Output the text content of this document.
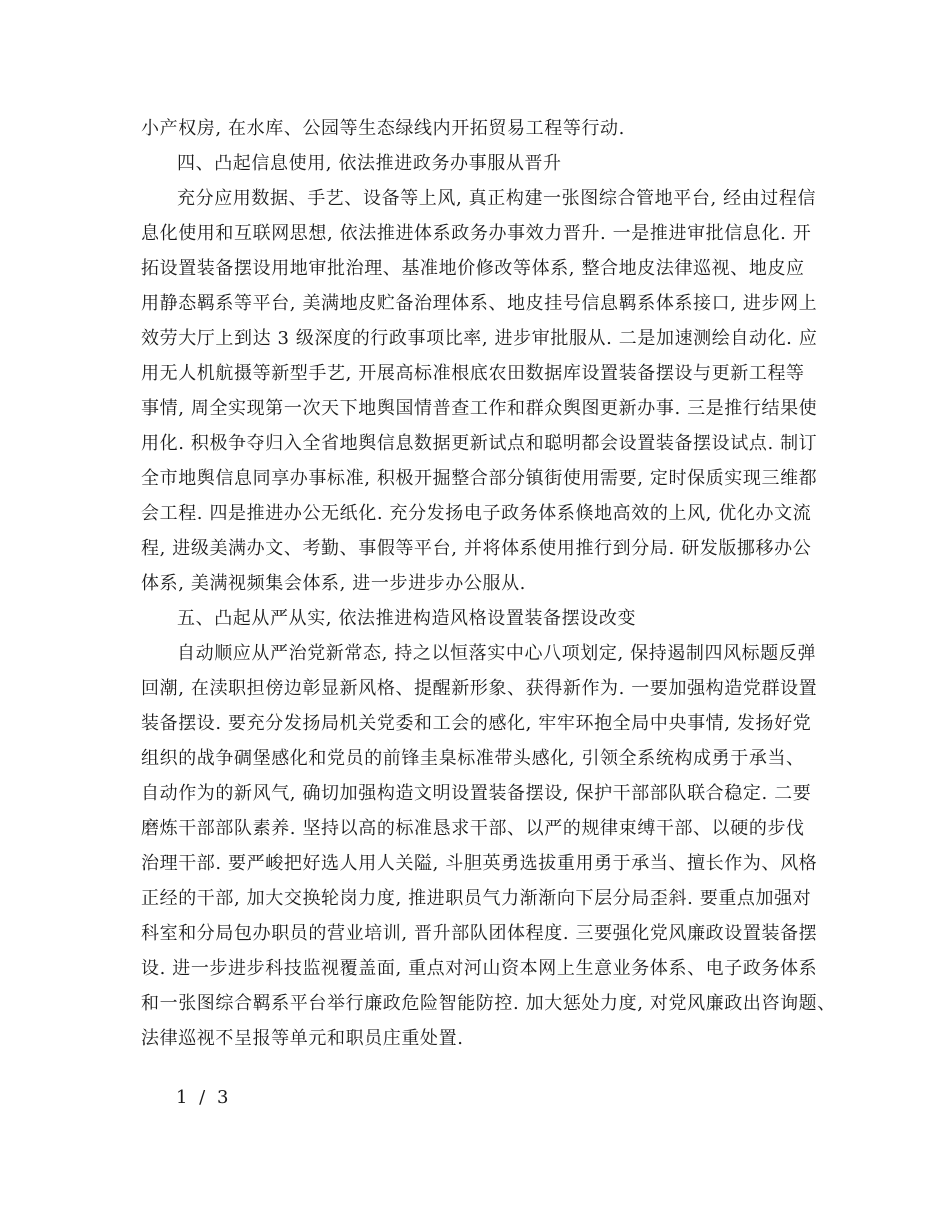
小产权房, 在水库、公园等生态绿线内开拓贸易工程等行动.
四、凸起信息使用, 依法推进政务办事服从晋升
充分应用数据、手艺、设备等上风, 真正构建一张图综合管地平台, 经由过程信
息化使用和互联网思想, 依法推进体系政务办事效力晋升. 一是推进审批信息化. 开
拓设置装备摆设用地审批治理、基准地价修改等体系, 整合地皮法律巡视、地皮应
用静态羁系等平台, 美满地皮贮备治理体系、地皮挂号信息羁系体系接口, 进步网上
效劳大厅上到达 3 级深度的行政事项比率, 进步审批服从. 二是加速测绘自动化. 应
用无人机航摄等新型手艺, 开展高标准根底农田数据库设置装备摆设与更新工程等
事情, 周全实现第一次天下地舆国情普查工作和群众舆图更新办事. 三是推行结果使
用化. 积极争夺归入全省地舆信息数据更新试点和聪明都会设置装备摆设试点. 制订
全市地舆信息同享办事标准, 积极开掘整合部分镇街使用需要, 定时保质实现三维都
会工程. 四是推进办公无纸化. 充分发扬电子政务体系倏地高效的上风, 优化办文流
程, 进级美满办文、考勤、事假等平台, 并将体系使用推行到分局. 研发版挪移办公
体系, 美满视频集会体系, 进一步进步办公服从.
五、凸起从严从实, 依法推进构造风格设置装备摆设改变
自动顺应从严治党新常态, 持之以恒落实中心八项划定, 保持遏制四风标题反弹
回潮, 在渎职担傍边彰显新风格、提醒新形象、获得新作为. 一要加强构造党群设置
装备摆设. 要充分发扬局机关党委和工会的感化, 牢牢环抱全局中央事情, 发扬好党
组织的战争碉堡感化和党员的前锋圭臬标准带头感化, 引领全系统构成勇于承当、
自动作为的新风气, 确切加强构造文明设置装备摆设, 保护干部部队联合稳定. 二要
磨炼干部部队素养. 坚持以高的标准恳求干部、以严的规律束缚干部、以硬的步伐
治理干部. 要严峻把好选人用人关隘, 斗胆英勇选拔重用勇于承当、擅长作为、风格
正经的干部, 加大交换轮岗力度, 推进职员气力渐渐向下层分局歪斜. 要重点加强对
科室和分局包办职员的营业培训, 晋升部队团体程度. 三要强化党风廉政设置装备摆
设. 进一步进步科技监视覆盖面, 重点对河山资本网上生意业务体系、电子政务体系
和一张图综合羁系平台举行廉政危险智能防控. 加大惩处力度, 对党风廉政出咨询题、
法律巡视不呈报等单元和职员庄重处置.
1 / 3
